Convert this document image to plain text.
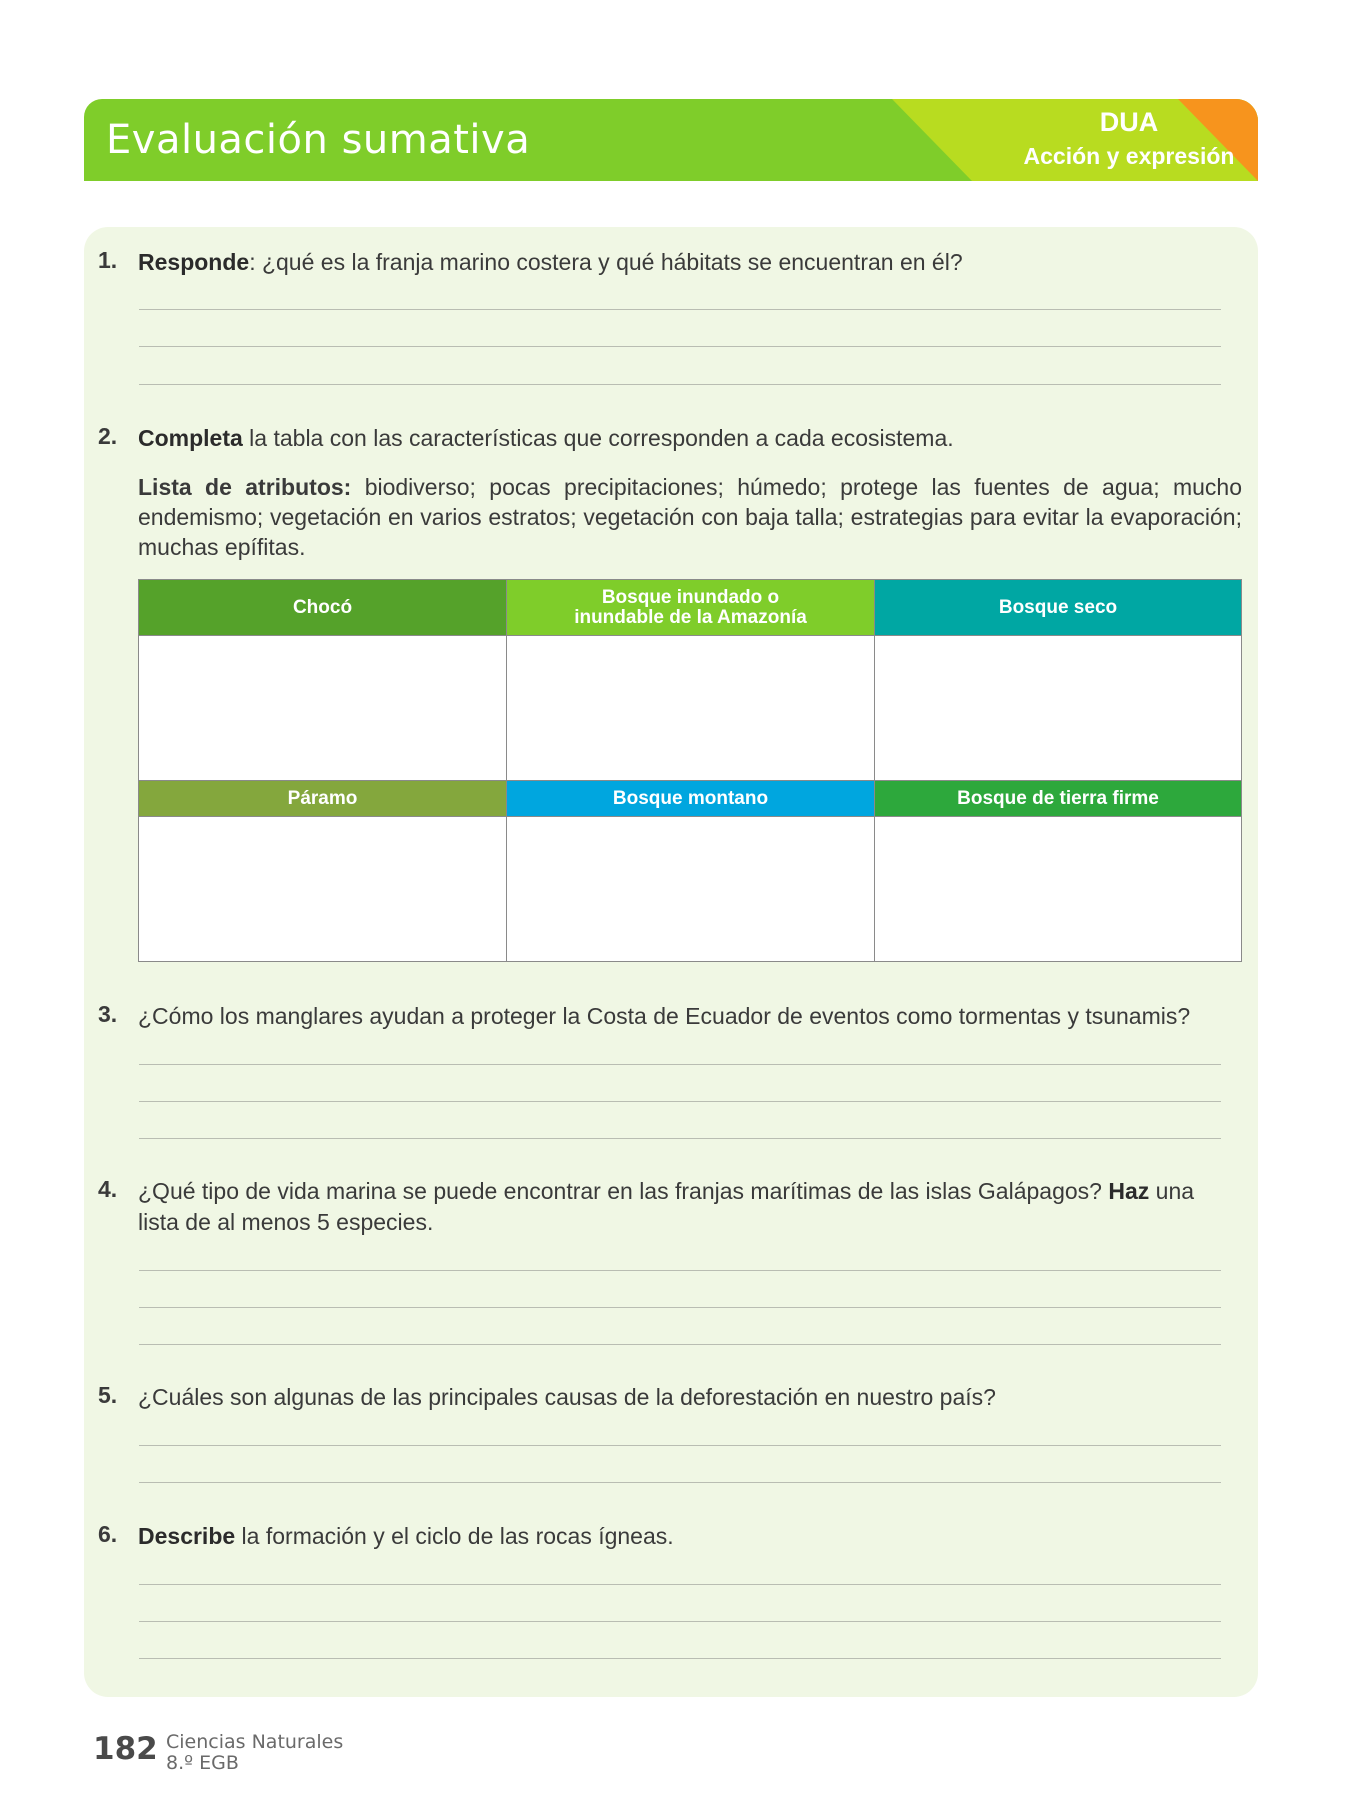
Evaluación sumativa	DUA
Acción y expresión
1. Responde: ¿qué es la franja marino costera y qué hábitats se encuentran en él?
2. Completa la tabla con las características que corresponden a cada ecosistema.
Lista de atributos: biodiverso; pocas precipitaciones; húmedo; protege las fuentes de agua; mucho endemismo; vegetación en varios estratos; vegetación con baja talla; estrategias para evitar la evaporación; muchas epífitas.
Chocó	Bosque inundado o inundable de la Amazonía	Bosque seco
Páramo	Bosque montano	Bosque de tierra firme
3. ¿Cómo los manglares ayudan a proteger la Costa de Ecuador de eventos como tormentas y tsunamis?
4. ¿Qué tipo de vida marina se puede encontrar en las franjas marítimas de las islas Galápagos? Haz una lista de al menos 5 especies.
5. ¿Cuáles son algunas de las principales causas de la deforestación en nuestro país?
6. Describe la formación y el ciclo de las rocas ígneas.
182 Ciencias Naturales
8.º EGB
